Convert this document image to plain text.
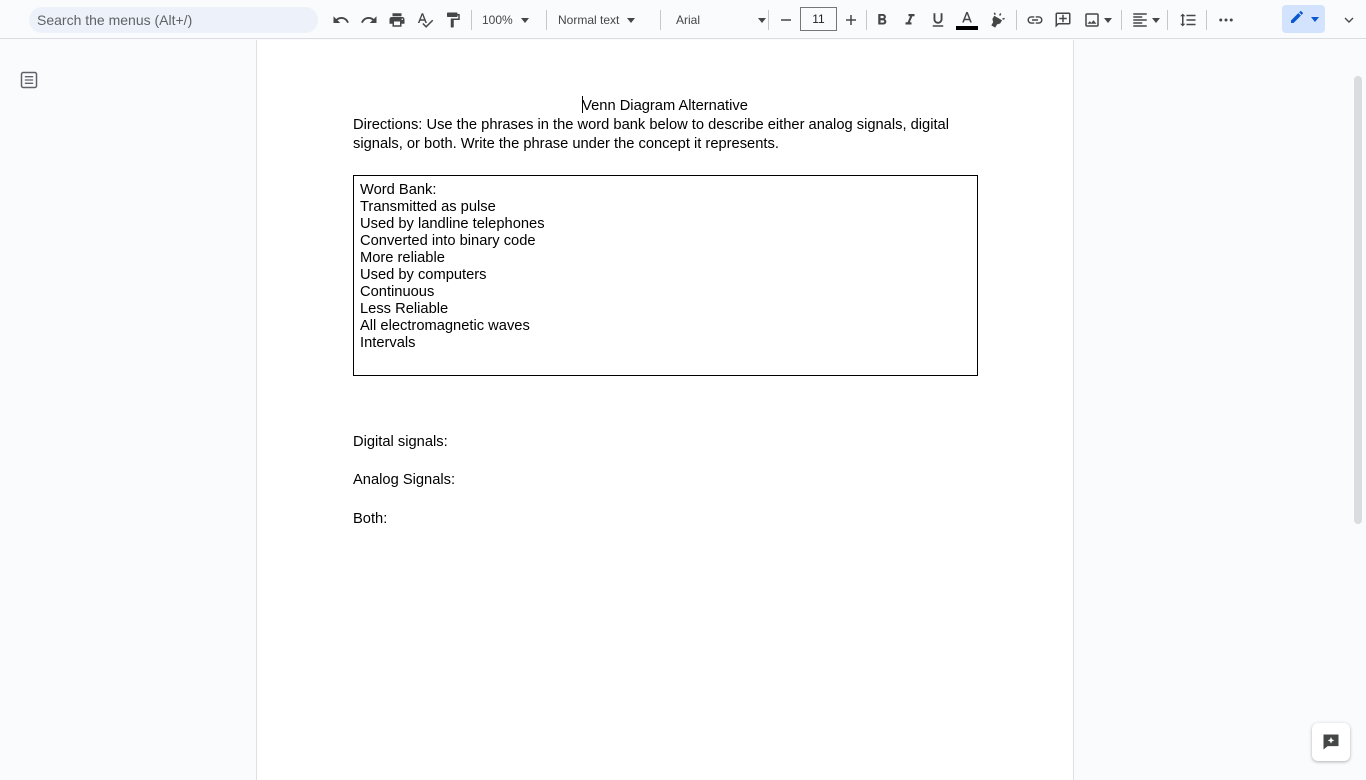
Search the menus (Alt+/)	100%	Normal text	Arial	11
Venn Diagram Alternative
Directions: Use the phrases in the word bank below to describe either analog signals, digital signals, or both. Write the phrase under the concept it represents.
Word Bank:
Transmitted as pulse
Used by landline telephones
Converted into binary code
More reliable
Used by computers
Continuous
Less Reliable
All electromagnetic waves
Intervals
Digital signals:
Analog Signals:
Both:
